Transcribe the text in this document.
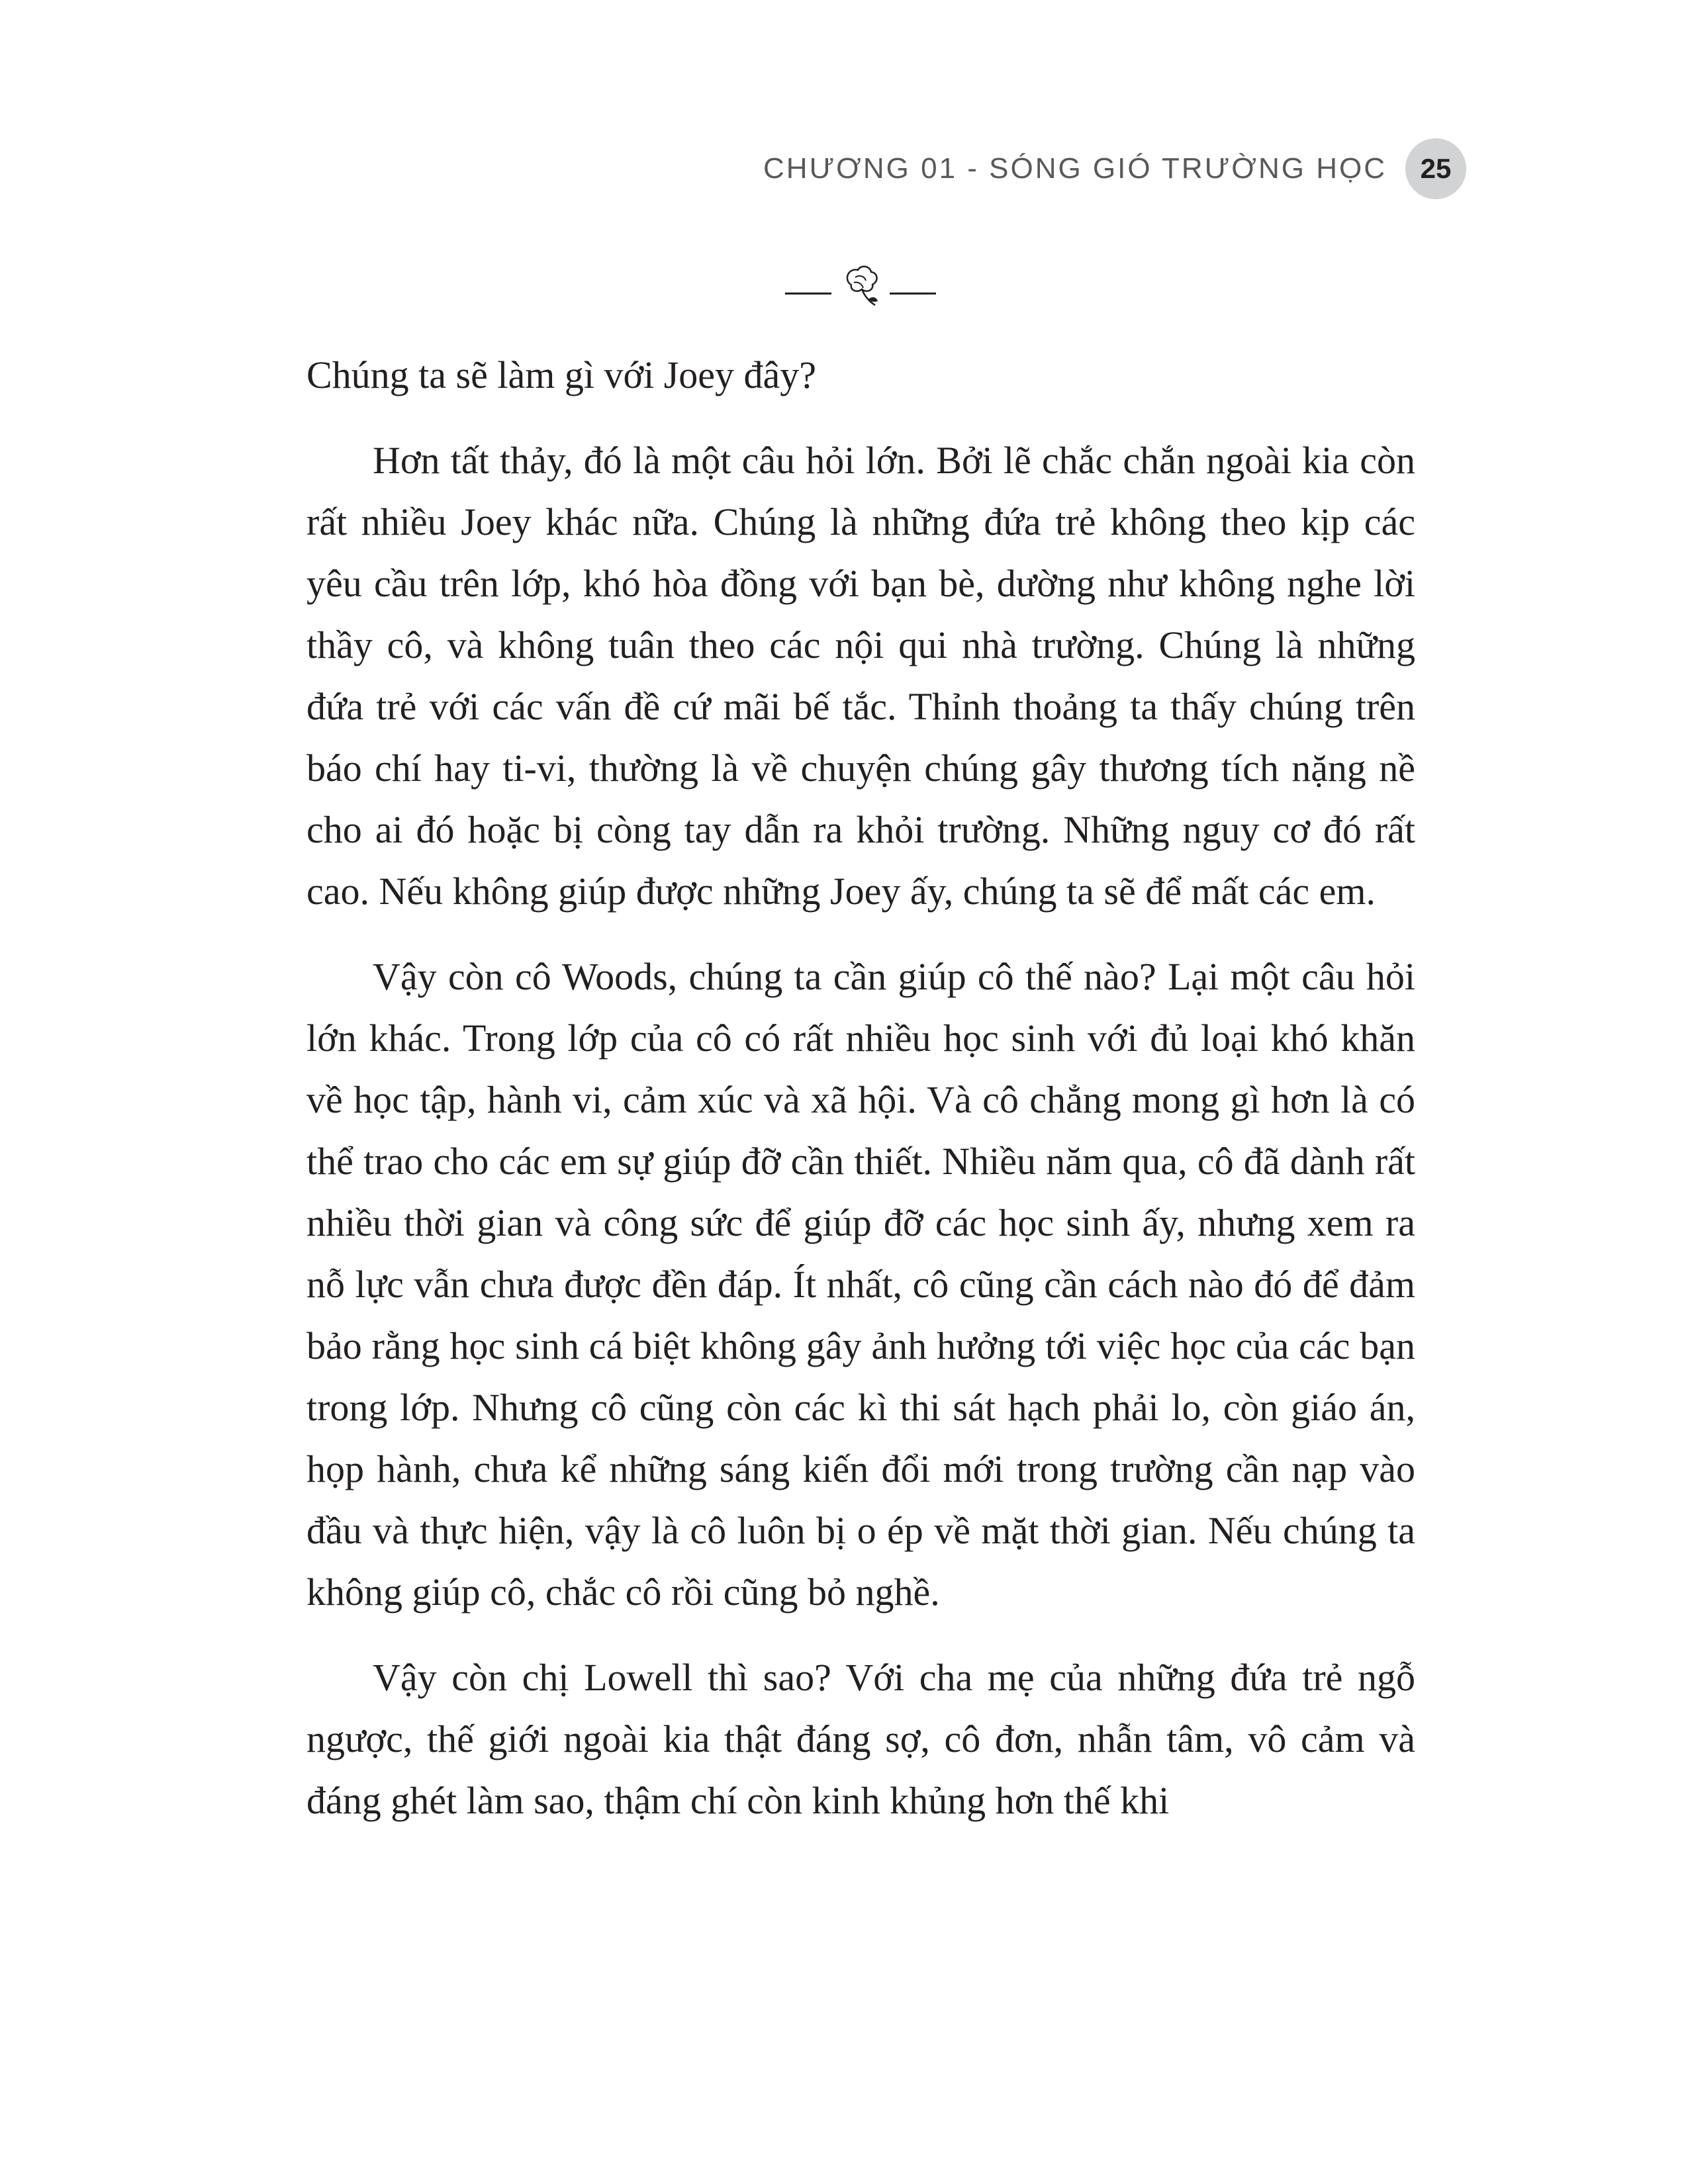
CHƯƠNG 01 - SÓNG GIÓ TRƯỜNG HỌC	25

Chúng ta sẽ làm gì với Joey đây?

Hơn tất thảy, đó là một câu hỏi lớn. Bởi lẽ chắc chắn ngoài kia còn rất nhiều Joey khác nữa. Chúng là những đứa trẻ không theo kịp các yêu cầu trên lớp, khó hòa đồng với bạn bè, dường như không nghe lời thầy cô, và không tuân theo các nội qui nhà trường. Chúng là những đứa trẻ với các vấn đề cứ mãi bế tắc. Thỉnh thoảng ta thấy chúng trên báo chí hay ti-vi, thường là về chuyện chúng gây thương tích nặng nề cho ai đó hoặc bị còng tay dẫn ra khỏi trường. Những nguy cơ đó rất cao. Nếu không giúp được những Joey ấy, chúng ta sẽ để mất các em.

Vậy còn cô Woods, chúng ta cần giúp cô thế nào? Lại một câu hỏi lớn khác. Trong lớp của cô có rất nhiều học sinh với đủ loại khó khăn về học tập, hành vi, cảm xúc và xã hội. Và cô chẳng mong gì hơn là có thể trao cho các em sự giúp đỡ cần thiết. Nhiều năm qua, cô đã dành rất nhiều thời gian và công sức để giúp đỡ các học sinh ấy, nhưng xem ra nỗ lực vẫn chưa được đền đáp. Ít nhất, cô cũng cần cách nào đó để đảm bảo rằng học sinh cá biệt không gây ảnh hưởng tới việc học của các bạn trong lớp. Nhưng cô cũng còn các kì thi sát hạch phải lo, còn giáo án, họp hành, chưa kể những sáng kiến đổi mới trong trường cần nạp vào đầu và thực hiện, vậy là cô luôn bị o ép về mặt thời gian. Nếu chúng ta không giúp cô, chắc cô rồi cũng bỏ nghề.

Vậy còn chị Lowell thì sao? Với cha mẹ của những đứa trẻ ngỗ ngược, thế giới ngoài kia thật đáng sợ, cô đơn, nhẫn tâm, vô cảm và đáng ghét làm sao, thậm chí còn kinh khủng hơn thế khi
